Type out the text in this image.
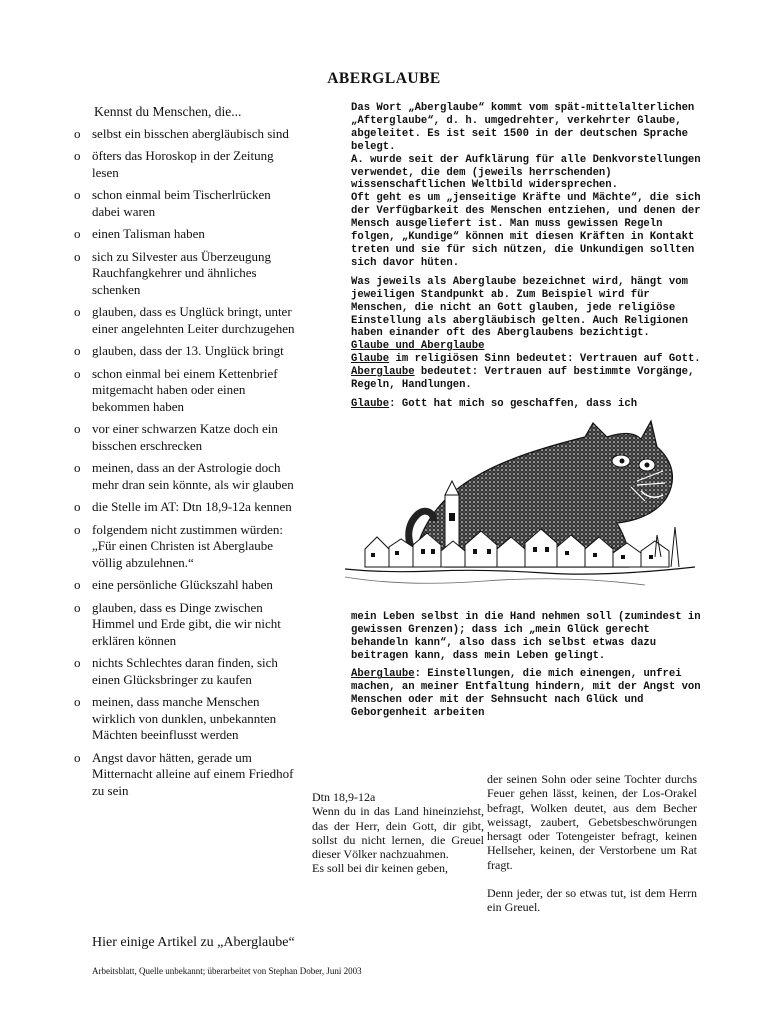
ABERGLAUBE
Kennst du Menschen, die...
o selbst ein bisschen abergläubisch sind
o öfters das Horoskop in der Zeitung lesen
o schon einmal beim Tischerlrücken dabei waren
o einen Talisman haben
o sich zu Silvester aus Überzeugung Rauchfangkehrer und ähnliches schenken
o glauben, dass es Unglück bringt, unter einer angelehnten Leiter durchzugehen
o glauben, dass der 13. Unglück bringt
o schon einmal bei einem Kettenbrief mitgemacht haben oder einen bekommen haben
o vor einer schwarzen Katze doch ein bisschen erschrecken
o meinen, dass an der Astrologie doch mehr dran sein könnte, als wir glauben
o die Stelle im AT: Dtn 18,9-12a kennen
o folgendem nicht zustimmen würden:
„Für einen Christen ist Aberglaube völlig abzulehnen.“
o eine persönliche Glückszahl haben
o glauben, dass es Dinge zwischen Himmel und Erde gibt, die wir nicht erklären können
o nichts Schlechtes daran finden, sich einen Glücksbringer zu kaufen
o meinen, dass manche Menschen wirklich von dunklen, unbekannten Mächten beeinflusst werden
o Angst davor hätten, gerade um Mitternacht alleine auf einem Friedhof zu sein

Das Wort „Aberglaube“ kommt vom spät-mittelalterlichen „Afterglaube“, d. h. umgedrehter, verkehrter Glaube, abgeleitet. Es ist seit 1500 in der deutschen Sprache belegt.

A. wurde seit der Aufklärung für alle Denkvorstellungen verwendet, die dem (jeweils herrschenden) wissenschaftlichen Weltbild widersprechen.

Oft geht es um „jenseitige Kräfte und Mächte“, die sich der Verfügbarkeit des Menschen entziehen, und denen der Mensch ausgeliefert ist. Man muss gewissen Regeln folgen, „Kundige“ können mit diesen Kräften in Kontakt treten und sie für sich nützen, die Unkundigen sollten sich davor hüten.

Was jeweils als Aberglaube bezeichnet wird, hängt vom jeweiligen Standpunkt ab. Zum Beispiel wird für Menschen, die nicht an Gott glauben, jede religiöse Einstellung als abergläubisch gelten. Auch Religionen haben einander oft des Aberglaubens bezichtigt.

Glaube und Aberglaube

Glaube im religiösen Sinn bedeutet: Vertrauen auf Gott.

Aberglaube bedeutet: Vertrauen auf bestimmte Vorgänge, Regeln, Handlungen.

Glaube: Gott hat mich so geschaffen, dass ich

mein Leben selbst in die Hand nehmen soll (zumindest in gewissen Grenzen); dass ich „mein Glück gerecht behandeln kann“, also dass ich selbst etwas dazu beitragen kann, dass mein Leben gelingt.

Aberglaube: Einstellungen, die mich einengen, unfrei machen, an meiner Entfaltung hindern, mit der Angst von Menschen oder mit der Sehnsucht nach Glück und Geborgenheit arbeiten

Dtn 18,9-12a

Wenn du in das Land hineinziehst, das der Herr, dein Gott, dir gibt, sollst du nicht lernen, die Greuel dieser Völker nachzuahmen.

Es soll bei dir keinen geben,

der seinen Sohn oder seine Tochter durchs Feuer gehen lässt, keinen, der Los-Orakel befragt, Wolken deutet, aus dem Becher weissagt, zaubert, Gebetsbeschwörungen hersagt oder Totengeister befragt, keinen Hellseher, keinen, der Verstorbene um Rat fragt.

Denn jeder, der so etwas tut, ist dem Herrn ein Greuel.

Hier einige Artikel zu „Aberglaube“
Arbeitsblatt, Quelle unbekannt; überarbeitet von Stephan Dober, Juni 2003
